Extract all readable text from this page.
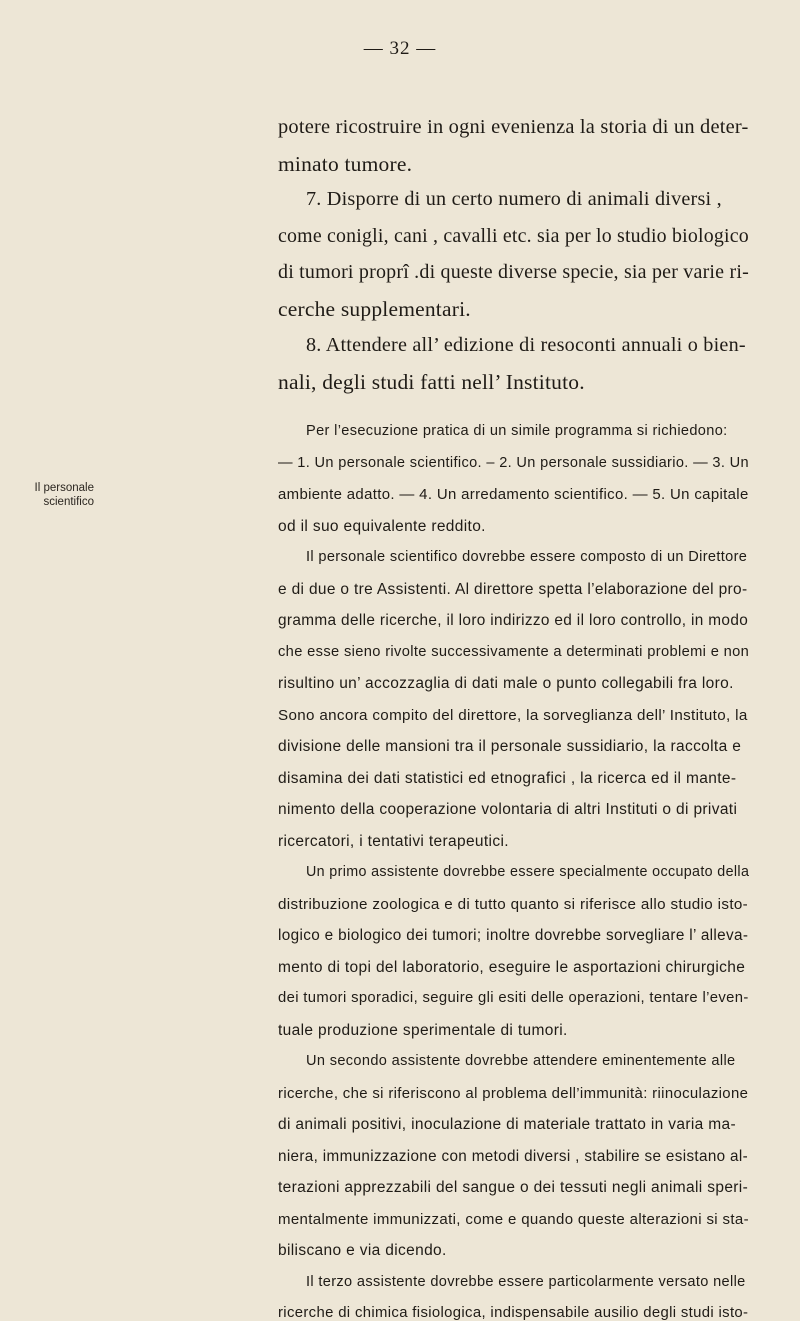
— 32 —
Il personale
scientifico
potere ricostruire in ogni evenienza la storia di un deter-
minato tumore.
7. Disporre di un certo numero di animali diversi ,
come conigli, cani , cavalli etc. sia per lo studio biologico
di tumori proprî .di queste diverse specie, sia per varie ri-
cerche supplementari.
8. Attendere all’ edizione di resoconti annuali o bien-
nali, degli studi fatti nell’ Instituto.
Per l’esecuzione pratica di un simile programma si richiedono:
— 1. Un personale scientifico. – 2. Un personale sussidiario. — 3. Un
ambiente adatto. — 4. Un arredamento scientifico. — 5. Un capitale
od il suo equivalente reddito.
Il personale scientifico dovrebbe essere composto di un Direttore
e di due o tre Assistenti. Al direttore spetta l’elaborazione del pro-
gramma delle ricerche, il loro indirizzo ed il loro controllo, in modo
che esse sieno rivolte successivamente a determinati problemi e non
risultino un’ accozzaglia di dati male o punto collegabili fra loro.
Sono ancora compito del direttore, la sorveglianza dell’ Instituto, la
divisione delle mansioni tra il personale sussidiario, la raccolta e
disamina dei dati statistici ed etnografici , la ricerca ed il mante-
nimento della cooperazione volontaria di altri Instituti o di privati
ricercatori, i tentativi terapeutici.
Un primo assistente dovrebbe essere specialmente occupato della
distribuzione zoologica e di tutto quanto si riferisce allo studio isto-
logico e biologico dei tumori; inoltre dovrebbe sorvegliare l’ alleva-
mento di topi del laboratorio, eseguire le asportazioni chirurgiche
dei tumori sporadici, seguire gli esiti delle operazioni, tentare l’even-
tuale produzione sperimentale di tumori.
Un secondo assistente dovrebbe attendere eminentemente alle
ricerche, che si riferiscono al problema dell’immunità: riinoculazione
di animali positivi, inoculazione di materiale trattato in varia ma-
niera, immunizzazione con metodi diversi , stabilire se esistano al-
terazioni apprezzabili del sangue o dei tessuti negli animali speri-
mentalmente immunizzati, come e quando queste alterazioni si sta-
biliscano e via dicendo.
Il terzo assistente dovrebbe essere particolarmente versato nelle
ricerche di chimica fisiologica, indispensabile ausilio degli studi isto-
